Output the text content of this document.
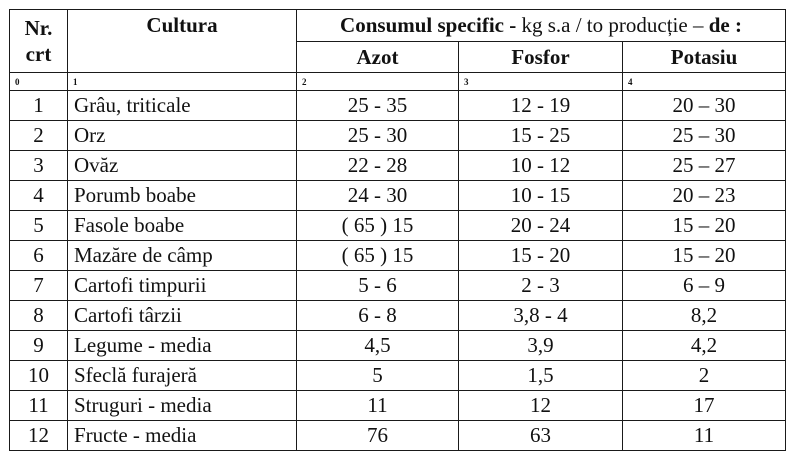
Nr.
crt	Cultura	Consumul specific - kg s.a / to producție – de :		
		Azot	Fosfor	Potasiu
0	1	2	3	4
1	Grâu, triticale	25 - 35	12 - 19	20 – 30
2	Orz	25 - 30	15 - 25	25 – 30
3	Ovăz	22 - 28	10 - 12	25 – 27
4	Porumb boabe	24 - 30	10 - 15	20 – 23
5	Fasole boabe	( 65 ) 15	20 - 24	15 – 20
6	Mazăre de câmp	( 65 ) 15	15 - 20	15 – 20
7	Cartofi timpurii	5 - 6	2 - 3	6 – 9
8	Cartofi târzii	6 - 8	3,8 - 4	8,2
9	Legume - media	4,5	3,9	4,2
10	Sfeclă furajeră	5	1,5	2
11	Struguri - media	11	12	17
12	Fructe - media	76	63	11
